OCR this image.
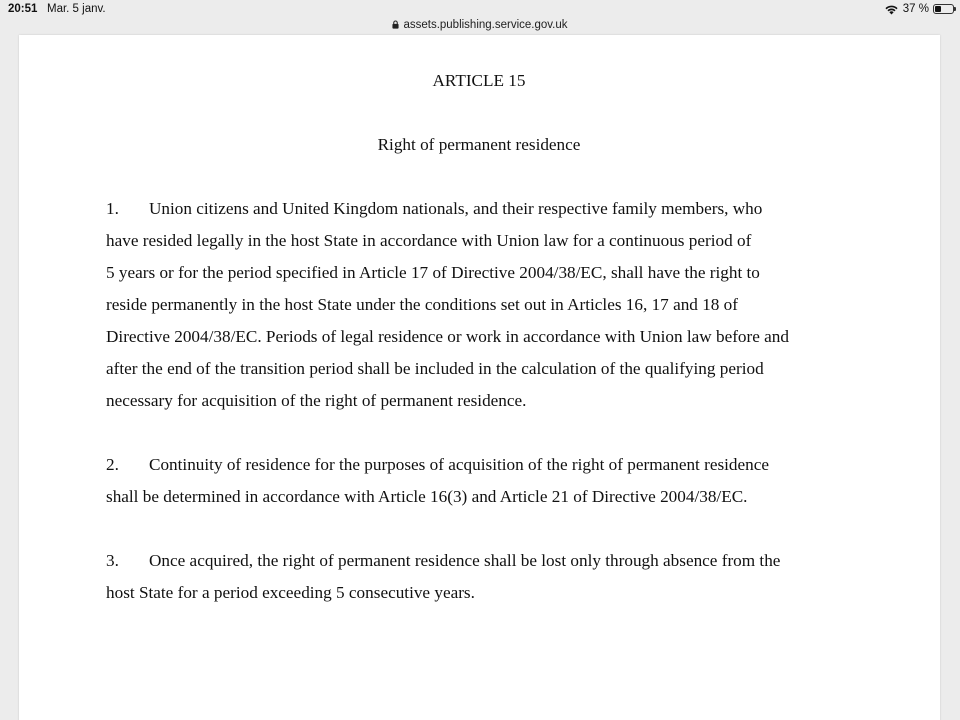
20:51 Mar. 5 janv.	37 %
assets.publishing.service.gov.uk
ARTICLE 15
Right of permanent residence

1. Union citizens and United Kingdom nationals, and their respective family members, who
have resided legally in the host State in accordance with Union law for a continuous period of
5 years or for the period specified in Article 17 of Directive 2004/38/EC, shall have the right to
reside permanently in the host State under the conditions set out in Articles 16, 17 and 18 of
Directive 2004/38/EC. Periods of legal residence or work in accordance with Union law before and
after the end of the transition period shall be included in the calculation of the qualifying period
necessary for acquisition of the right of permanent residence.

2. Continuity of residence for the purposes of acquisition of the right of permanent residence
shall be determined in accordance with Article 16(3) and Article 21 of Directive 2004/38/EC.

3. Once acquired, the right of permanent residence shall be lost only through absence from the
host State for a period exceeding 5 consecutive years.
